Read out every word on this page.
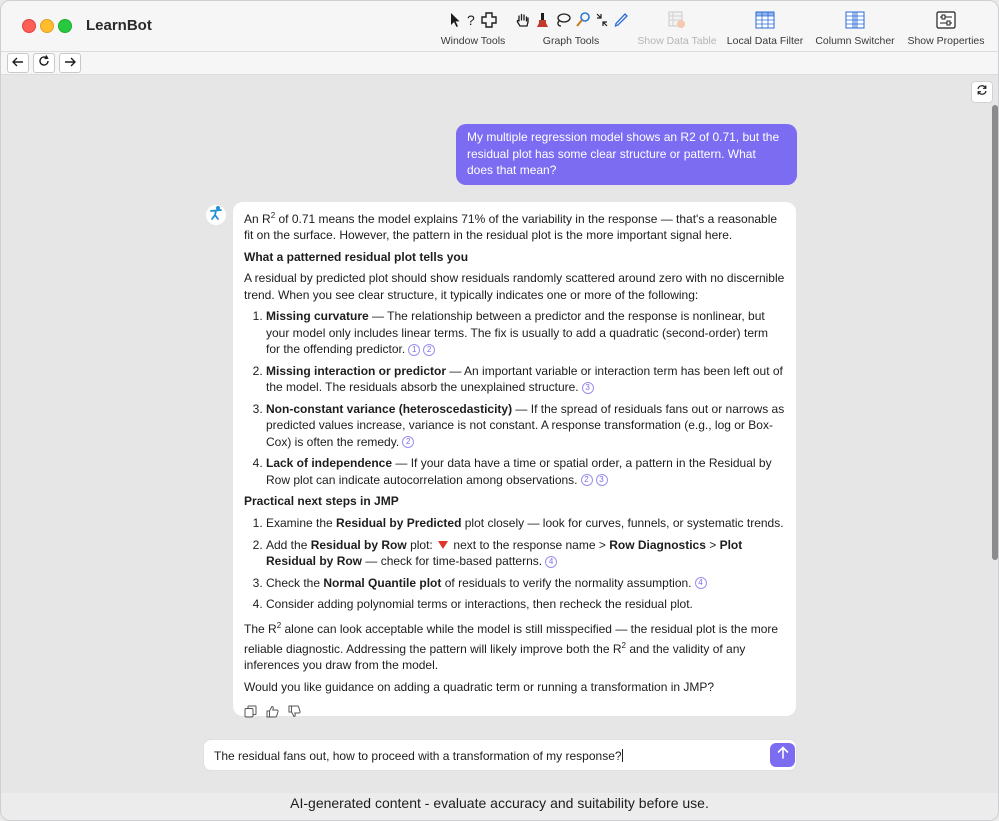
LearnBot	?
Window Tools	Graph Tools	Show Data Table Local Data Filter Column Switcher Show Properties
My multiple regression model shows an R2 of 0.71, but the residual plot has some clear structure or pattern. What does that mean?

An $R^2$ of 0.71 means the model explains 71% of the variability in the response — that's a reasonable fit on the surface. However, the pattern in the residual plot is the more important signal here.

What a patterned residual plot tells you

A residual by predicted plot should show residuals randomly scattered around zero with no discernible trend. When you see clear structure, it typically indicates one or more of the following:

1. Missing curvature — The relationship between a predictor and the response is nonlinear, but your model only includes linear terms. The fix is usually to add a quadratic (second-order) term for the offending predictor. 1 2
2. Missing interaction or predictor — An important variable or interaction term has been left out of the model. The residuals absorb the unexplained structure. 3
3. Non-constant variance (heteroscedasticity) — If the spread of residuals fans out or narrows as predicted values increase, variance is not constant. A response transformation (e.g., log or Box-Cox) is often the remedy. 2
4. Lack of independence — If your data have a time or spatial order, a pattern in the Residual by Row plot can indicate autocorrelation among observations. 2 3
Practical next steps in JMP
1. Examine the Residual by Predicted plot closely — look for curves, funnels, or systematic trends.
2. Add the Residual by Row plot:  next to the response name > Row Diagnostics > Plot Residual by Row — check for time-based patterns. 4
3. Check the Normal Quantile plot of residuals to verify the normality assumption. 4
4. Consider adding polynomial terms or interactions, then recheck the residual plot.

The $R^2$ alone can look acceptable while the model is still misspecified — the residual plot is the more reliable diagnostic. Addressing the pattern will likely improve both the $R^2$ and the validity of any inferences you draw from the model.

Would you like guidance on adding a quadratic term or running a transformation in JMP?

The residual fans out, how to proceed with a transformation of my response?
AI-generated content - evaluate accuracy and suitability before use.
